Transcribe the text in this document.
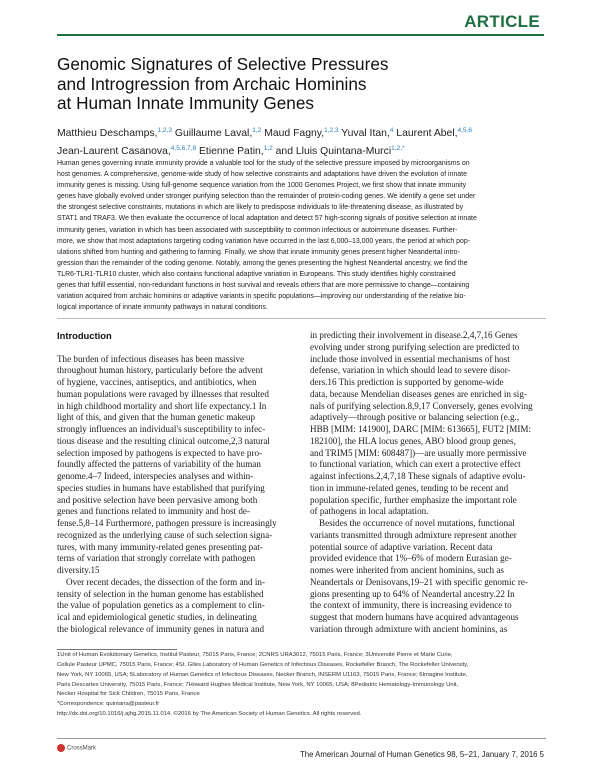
ARTICLE
Genomic Signatures of Selective Pressures
and Introgression from Archaic Hominins
at Human Innate Immunity Genes
Matthieu Deschamps,$^{1,2,3}$ Guillaume Laval,$^{1,2}$ Maud Fagny,$^{1,2,3}$ Yuval Itan,$^4$ Laurent Abel,$^{4,5,6}$
Jean-Laurent Casanova,$^{4,5,6,7,8}$ Etienne Patin,$^{1,2}$ and Lluis Quintana-Murci$^{1,2,*}$
Human genes governing innate immunity provide a valuable tool for the study of the selective pressure imposed by microorganisms on
host genomes. A comprehensive, genome-wide study of how selective constraints and adaptations have driven the evolution of innate
immunity genes is missing. Using full-genome sequence variation from the 1000 Genomes Project, we first show that innate immunity
genes have globally evolved under stronger purifying selection than the remainder of protein-coding genes. We identify a gene set under
the strongest selective constraints, mutations in which are likely to predispose individuals to life-threatening disease, as illustrated by
STAT1 and TRAF3. We then evaluate the occurrence of local adaptation and detect 57 high-scoring signals of positive selection at innate
immunity genes, variation in which has been associated with susceptibility to common infectious or autoimmune diseases. Further-
more, we show that most adaptations targeting coding variation have occurred in the last 6,000–13,000 years, the period at which pop-
ulations shifted from hunting and gathering to farming. Finally, we show that innate immunity genes present higher Neandertal intro-
gression than the remainder of the coding genome. Notably, among the genes presenting the highest Neandertal ancestry, we find the
TLR6-TLR1-TLR10 cluster, which also contains functional adaptive variation in Europeans. This study identifies highly constrained
genes that fulfill essential, non-redundant functions in host survival and reveals others that are more permissive to change—containing
variation acquired from archaic hominins or adaptive variants in specific populations—improving our understanding of the relative bio-
logical importance of innate immunity pathways in natural conditions.
Introduction
The burden of infectious diseases has been massive
throughout human history, particularly before the advent
of hygiene, vaccines, antiseptics, and antibiotics, when
human populations were ravaged by illnesses that resulted
in high childhood mortality and short life expectancy.1 In
light of this, and given that the human genetic makeup
strongly influences an individual's susceptibility to infec-
tious disease and the resulting clinical outcome,2,3 natural
selection imposed by pathogens is expected to have pro-
foundly affected the patterns of variability of the human
genome.4–7 Indeed, interspecies analyses and within-
species studies in humans have established that purifying
and positive selection have been pervasive among both
genes and functions related to immunity and host de-
fense.5,8–14 Furthermore, pathogen pressure is increasingly
recognized as the underlying cause of such selection signa-
tures, with many immunity-related genes presenting pat-
terns of variation that strongly correlate with pathogen
diversity.15
Over recent decades, the dissection of the form and in-
tensity of selection in the human genome has established
the value of population genetics as a complement to clin-
ical and epidemiological genetic studies, in delineating
the biological relevance of immunity genes in natura and
in predicting their involvement in disease.2,4,7,16 Genes
evolving under strong purifying selection are predicted to
include those involved in essential mechanisms of host
defense, variation in which should lead to severe disor-
ders.16 This prediction is supported by genome-wide
data, because Mendelian diseases genes are enriched in sig-
nals of purifying selection.8,9,17 Conversely, genes evolving
adaptively—through positive or balancing selection (e.g.,
HBB [MIM: 141900], DARC [MIM: 613665], FUT2 [MIM:
182100], the HLA locus genes, ABO blood group genes,
and TRIM5 [MIM: 608487])—are usually more permissive
to functional variation, which can exert a protective effect
against infections.2,4,7,18 These signals of adaptive evolu-
tion in immune-related genes, tending to be recent and
population specific, further emphasize the important role
of pathogens in local adaptation.
Besides the occurrence of novel mutations, functional
variants transmitted through admixture represent another
potential source of adaptive variation. Recent data
provided evidence that 1%–6% of modern Eurasian ge-
nomes were inherited from ancient hominins, such as
Neandertals or Denisovans,19–21 with specific genomic re-
gions presenting up to 64% of Neandertal ancestry.22 In
the context of immunity, there is increasing evidence to
suggest that modern humans have acquired advantageous
variation through admixture with ancient hominins, as
1Unit of Human Evolutionary Genetics, Institut Pasteur, 75015 Paris, France; 2CNRS URA3012, 75015 Paris, France; 3Université Pierre et Marie Curie,
Cellule Pasteur UPMC, 75015 Paris, France; 4St. Giles Laboratory of Human Genetics of Infectious Diseases, Rockefeller Branch, The Rockefeller University,
New York, NY 10065, USA; 5Laboratory of Human Genetics of Infectious Diseases, Necker Branch, INSERM U1163, 75015 Paris, France; 6Imagine Institute,
Paris Descartes University, 75015 Paris, France; 7Howard Hughes Medical Institute, New York, NY 10065, USA; 8Pediatric Hematology-Immunology Unit,
Necker Hospital for Sick Children, 75015 Paris, France
*Correspondence: quintana@pasteur.fr
http://dx.doi.org/10.1016/j.ajhg.2015.11.014. ©2016 by The American Society of Human Genetics. All rights reserved.
CrossMark
The American Journal of Human Genetics 98, 5–21, January 7, 2016 5
